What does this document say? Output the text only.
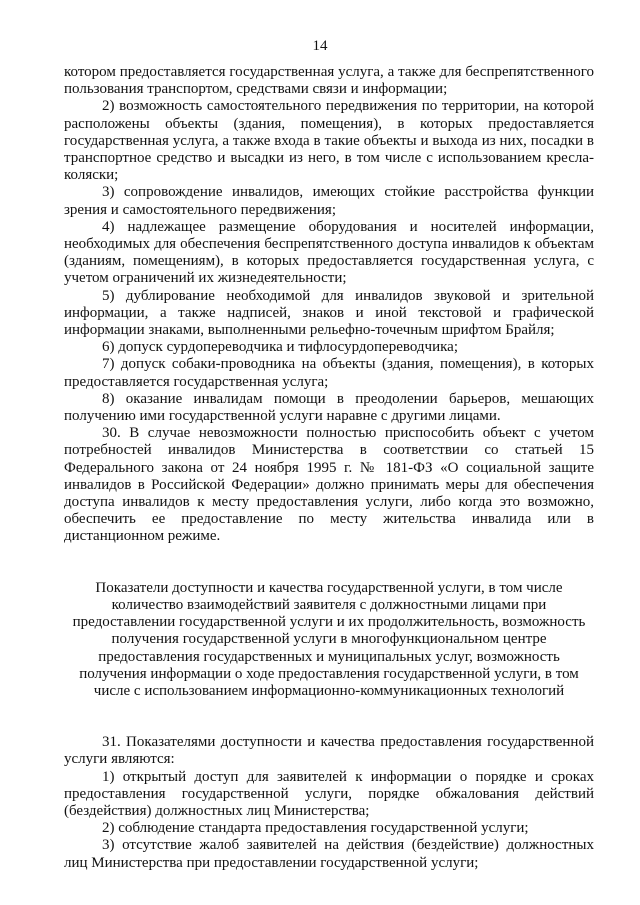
14

котором предоставляется государственная услуга, а также для беспрепятственного пользования транспортом, средствами связи и информации;

2) возможность самостоятельного передвижения по территории, на которой расположены объекты (здания, помещения), в которых предоставляется государственная услуга, а также входа в такие объекты и выхода из них, посадки в транспортное средство и высадки из него, в том числе с использованием кресла-коляски;

3) сопровождение инвалидов, имеющих стойкие расстройства функции зрения и самостоятельного передвижения;

4) надлежащее размещение оборудования и носителей информации, необходимых для обеспечения беспрепятственного доступа инвалидов к объектам (зданиям, помещениям), в которых предоставляется государственная услуга, с учетом ограничений их жизнедеятельности;

5) дублирование необходимой для инвалидов звуковой и зрительной информации, а также надписей, знаков и иной текстовой и графической информации знаками, выполненными рельефно-точечным шрифтом Брайля;

6) допуск сурдопереводчика и тифлосурдопереводчика;

7) допуск собаки-проводника на объекты (здания, помещения), в которых предоставляется государственная услуга;

8) оказание инвалидам помощи в преодолении барьеров, мешающих получению ими государственной услуги наравне с другими лицами.

30. В случае невозможности полностью приспособить объект с учетом потребностей инвалидов Министерства в соответствии со статьей 15 Федерального закона от 24 ноября 1995 г. № 181-ФЗ «О социальной защите инвалидов в Российской Федерации» должно принимать меры для обеспечения доступа инвалидов к месту предоставления услуги, либо когда это возможно, обеспечить ее предоставление по месту жительства инвалида или в дистанционном режиме.

Показатели доступности и качества государственной услуги, в том числе

количество взаимодействий заявителя с должностными лицами при

предоставлении государственной услуги и их продолжительность, возможность

получения государственной услуги в многофункциональном центре

предоставления государственных и муниципальных услуг, возможность

получения информации о ходе предоставления государственной услуги, в том

числе с использованием информационно-коммуникационных технологий

31. Показателями доступности и качества предоставления государственной услуги являются:

1) открытый доступ для заявителей к информации о порядке и сроках предоставления государственной услуги, порядке обжалования действий (бездействия) должностных лиц Министерства;

2) соблюдение стандарта предоставления государственной услуги;

3) отсутствие жалоб заявителей на действия (бездействие) должностных лиц Министерства при предоставлении государственной услуги;
